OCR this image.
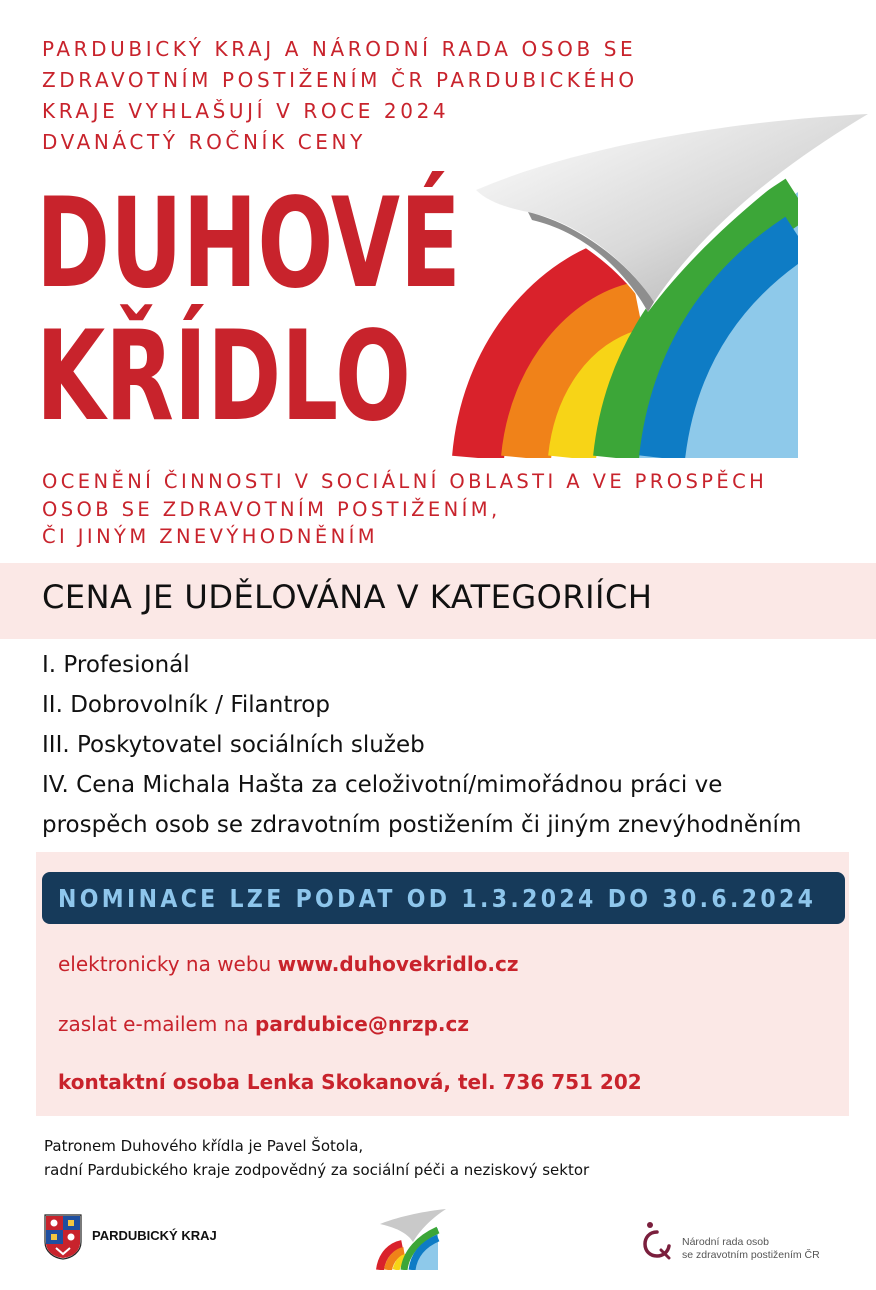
PARDUBICKÝ KRAJ A NÁRODNÍ RADA OSOB SE
ZDRAVOTNÍM POSTIŽENÍM ČR PARDUBICKÉHO
KRAJE VYHLAŠUJÍ V ROCE 2024
DVANÁCTÝ ROČNÍK CENY
DUHOVÉ
KŘÍDLO
OCENĚNÍ ČINNOSTI V SOCIÁLNÍ OBLASTI A VE PROSPĚCH
OSOB SE ZDRAVOTNÍM POSTIŽENÍM,
ČI JINÝM ZNEVÝHODNĚNÍM
CENA JE UDĚLOVÁNA V KATEGORIÍCH
I. Profesionál
II. Dobrovolník / Filantrop
III. Poskytovatel sociálních služeb
IV. Cena Michala Hašta za celoživotní/mimořádnou práci ve
prospěch osob se zdravotním postižením či jiným znevýhodněním
NOMINACE LZE PODAT OD 1.3.2024 DO 30.6.2024
elektronicky na webu www.duhovekridlo.cz
zaslat e-mailem na pardubice@nrzp.cz
kontaktní osoba Lenka Skokanová, tel. 736 751 202
Patronem Duhového křídla je Pavel Šotola,
radní Pardubického kraje zodpovědný za sociální péči a neziskový sektor
PARDUBICKÝ KRAJ	Národní rada osob
se zdravotním postižením ČR
